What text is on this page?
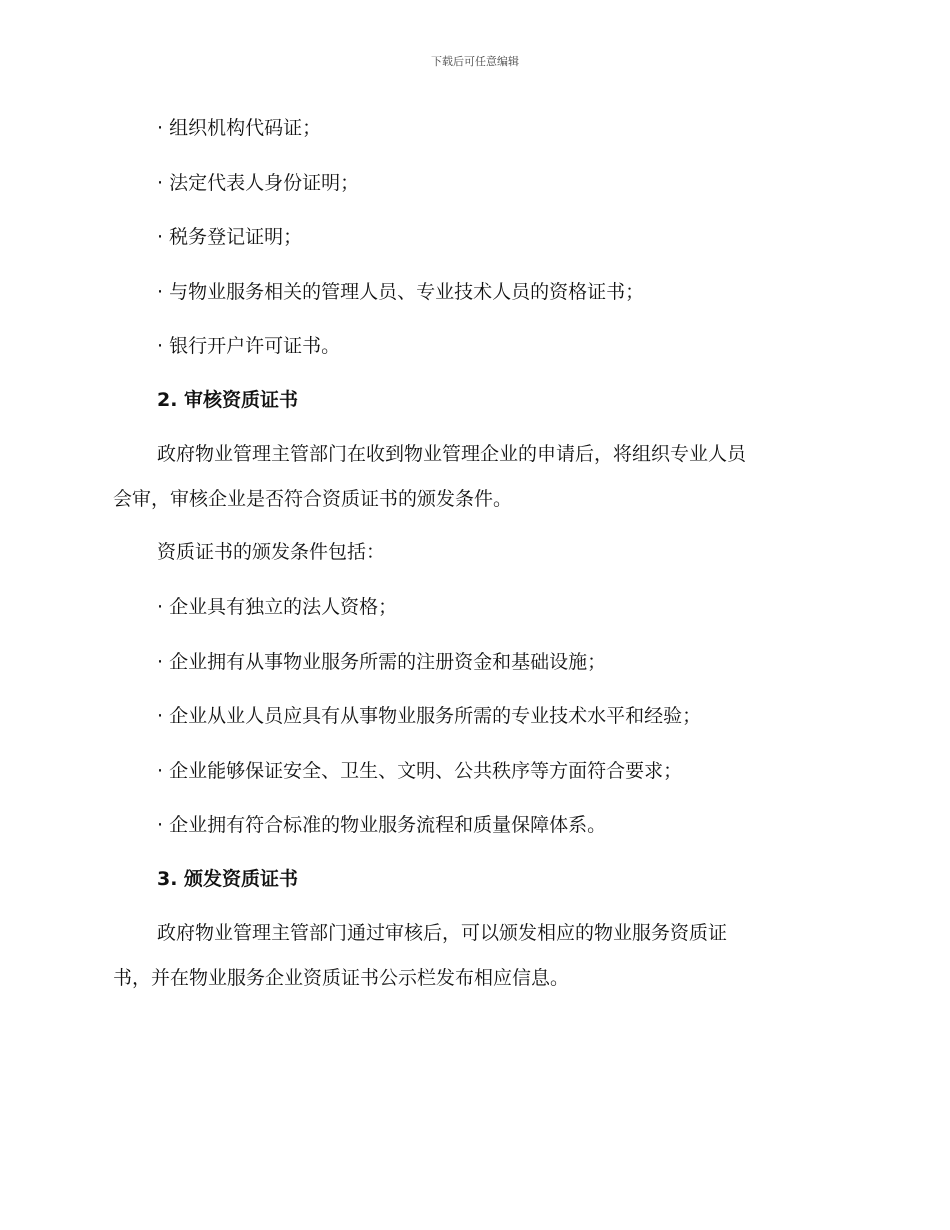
下载后可任意编辑
· 组织机构代码证；
· 法定代表人身份证明；
· 税务登记证明；
· 与物业服务相关的管理人员、专业技术人员的资格证书；
· 银行开户许可证书。
2. 审核资质证书
政府物业管理主管部门在收到物业管理企业的申请后，将组织专业人员
会审，审核企业是否符合资质证书的颁发条件。
资质证书的颁发条件包括：
· 企业具有独立的法人资格；
· 企业拥有从事物业服务所需的注册资金和基础设施；
· 企业从业人员应具有从事物业服务所需的专业技术水平和经验；
· 企业能够保证安全、卫生、文明、公共秩序等方面符合要求；
· 企业拥有符合标准的物业服务流程和质量保障体系。
3. 颁发资质证书
政府物业管理主管部门通过审核后，可以颁发相应的物业服务资质证
书，并在物业服务企业资质证书公示栏发布相应信息。
